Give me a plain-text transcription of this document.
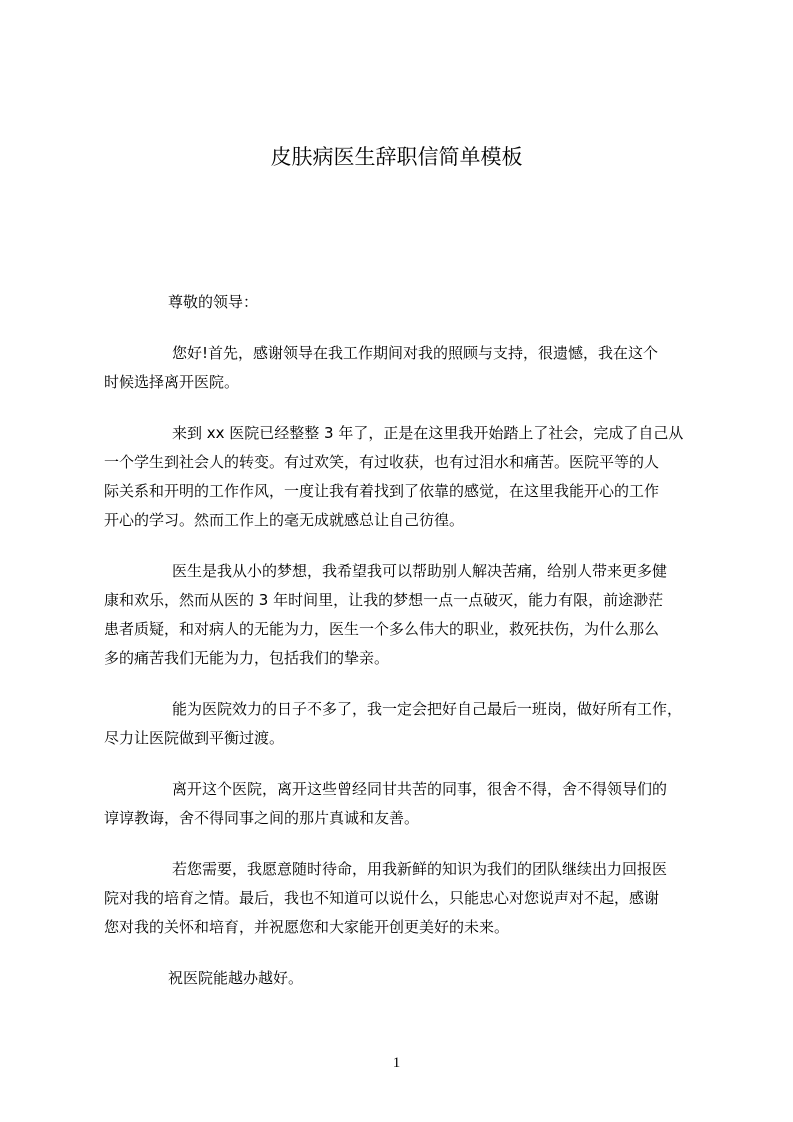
皮肤病医生辞职信简单模板

尊敬的领导：

您好!首先，感谢领导在我工作期间对我的照顾与支持，很遗憾，我在这个
时候选择离开医院。

来到 xx 医院已经整整 3 年了，正是在这里我开始踏上了社会，完成了自己从
一个学生到社会人的转变。有过欢笑，有过收获，也有过泪水和痛苦。医院平等的人
际关系和开明的工作作风，一度让我有着找到了依靠的感觉，在这里我能开心的工作
开心的学习。然而工作上的毫无成就感总让自己彷徨。

医生是我从小的梦想，我希望我可以帮助别人解决苦痛，给别人带来更多健
康和欢乐，然而从医的 3 年时间里，让我的梦想一点一点破灭，能力有限，前途渺茫
患者质疑，和对病人的无能为力，医生一个多么伟大的职业，救死扶伤，为什么那么
多的痛苦我们无能为力，包括我们的挚亲。

能为医院效力的日子不多了，我一定会把好自己最后一班岗，做好所有工作，
尽力让医院做到平衡过渡。

离开这个医院，离开这些曾经同甘共苦的同事，很舍不得，舍不得领导们的
谆谆教诲，舍不得同事之间的那片真诚和友善。

若您需要，我愿意随时待命，用我新鲜的知识为我们的团队继续出力回报医
院对我的培育之情。最后，我也不知道可以说什么，只能忠心对您说声对不起，感谢
您对我的关怀和培育，并祝愿您和大家能开创更美好的未来。

祝医院能越办越好。

1
